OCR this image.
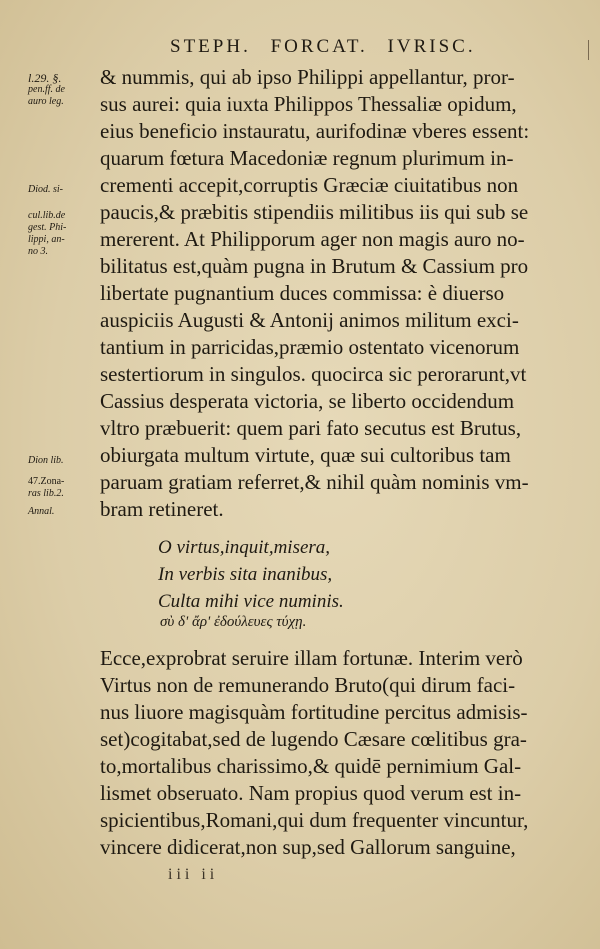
STEPH. FORCAT. IVRISC.
l.29. §.
pen.ff. de
auro leg.
Diod. si-
cul.lib.de
gest. Phi-
lippi, an-
no 3.
Dion lib.
47.Zona-
ras lib.2.
Annal.
& nummis, qui ab ipso Philippi appellantur, pror-
sus aurei: quia iuxta Philippos Thessaliæ opidum,
eius beneficio instauratu, aurifodinæ vberes essent:
quarum fœtura Macedoniæ regnum plurimum in-
crementi accepit,corruptis Græciæ ciuitatibus non
paucis,& præbitis stipendiis militibus iis qui sub se
mererent. At Philipporum ager non magis auro no-
bilitatus est,quàm pugna in Brutum & Cassium pro
libertate pugnantium duces commissa: è diuerso
auspiciis Augusti & Antonij animos militum exci-
tantium in parricidas,præmio ostentato vicenorum
sestertiorum in singulos. quocirca sic perorarunt,vt
Cassius desperata victoria, se liberto occidendum
vltro præbuerit: quem pari fato secutus est Brutus,
obiurgata multum virtute, quæ sui cultoribus tam
paruam gratiam referret,& nihil quàm nominis vm-
bram retineret.
O virtus,inquit,misera,
In verbis sita inanibus,
Culta mihi vice numinis.
σὺ δ' ἄρ' ἐδούλευες τύχῃ.
Ecce,exprobrat seruire illam fortunæ. Interim verò
Virtus non de remunerando Bruto(qui dirum faci-
nus liuore magisquàm fortitudine percitus admisis-
set)cogitabat,sed de lugendo Cæsare cœlitibus gra-
to,mortalibus charissimo,& quidē pernimium Gal-
lismet obseruato. Nam propius quod verum est in-
spicientibus,Romani,qui dum frequenter vincuntur,
vincere didicerat,non sup,sed Gallorum sanguine,
iii ii
